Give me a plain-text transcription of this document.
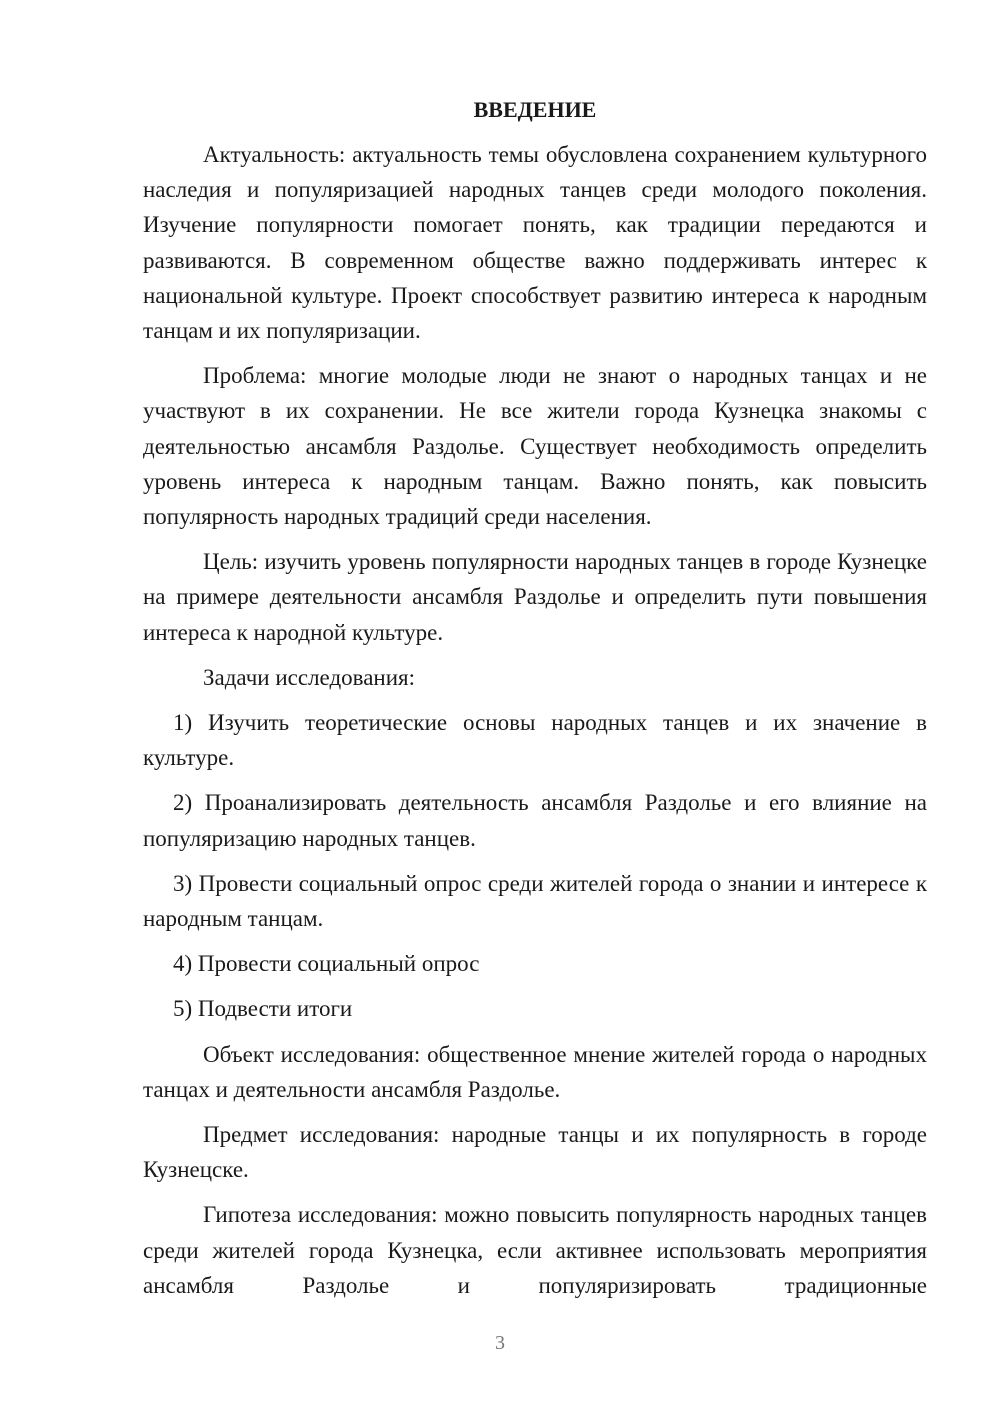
ВВЕДЕНИЕ
Актуальность: актуальность темы обусловлена сохранением культурного наследия и популяризацией народных танцев среди молодого поколения. Изучение популярности помогает понять, как традиции передаются и развиваются. В современном обществе важно поддерживать интерес к национальной культуре. Проект способствует развитию интереса к народным танцам и их популяризации.
Проблема: многие молодые люди не знают о народных танцах и не участвуют в их сохранении. Не все жители города Кузнецка знакомы с деятельностью ансамбля Раздолье. Существует необходимость определить уровень интереса к народным танцам. Важно понять, как повысить популярность народных традиций среди населения.
Цель: изучить уровень популярности народных танцев в городе Кузнецке на примере деятельности ансамбля Раздолье и определить пути повышения интереса к народной культуре.
Задачи исследования:
1) Изучить теоретические основы народных танцев и их значение в культуре.
2) Проанализировать деятельность ансамбля Раздолье и его влияние на популяризацию народных танцев.
3) Провести социальный опрос среди жителей города о знании и интересе к народным танцам.
4) Провести социальный опрос
5) Подвести итоги
Объект исследования: общественное мнение жителей города о народных танцах и деятельности ансамбля Раздолье.
Предмет исследования: народные танцы и их популярность в городе Кузнецске.
Гипотеза исследования: можно повысить популярность народных танцев среди жителей города Кузнецка, если активнее использовать мероприятия ансамбля Раздолье и популяризировать традиционные
3
